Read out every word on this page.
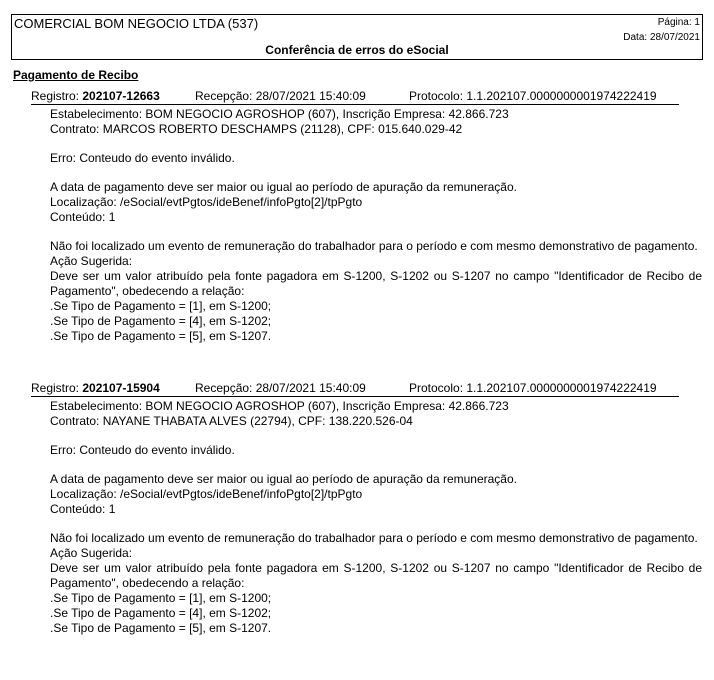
COMERCIAL BOM NEGOCIO LTDA (537)	Página: 1
Data: 28/07/2021
Conferência de erros do eSocial
Pagamento de Recibo
Registro: 202107-12663	Recepção: 28/07/2021 15:40:09	Protocolo: 1.1.202107.0000000001974222419

Estabelecimento: BOM NEGOCIO AGROSHOP (607), Inscrição Empresa: 42.866.723

Contrato: MARCOS ROBERTO DESCHAMPS (21128), CPF: 015.640.029-42

Erro: Conteudo do evento inválido.

A data de pagamento deve ser maior ou igual ao período de apuração da remuneração.

Localização: /eSocial/evtPgtos/ideBenef/infoPgto[2]/tpPgto

Conteúdo: 1

Não foi localizado um evento de remuneração do trabalhador para o período e com mesmo demonstrativo de pagamento.

Ação Sugerida:

Deve ser um valor atribuído pela fonte pagadora em S-1200, S-1202 ou S-1207 no campo "Identificador de Recibo de Pagamento", obedecendo a relação:

.Se Tipo de Pagamento = [1], em S-1200;

.Se Tipo de Pagamento = [4], em S-1202;

.Se Tipo de Pagamento = [5], em S-1207.

Registro: 202107-15904	Recepção: 28/07/2021 15:40:09	Protocolo: 1.1.202107.0000000001974222419

Estabelecimento: BOM NEGOCIO AGROSHOP (607), Inscrição Empresa: 42.866.723

Contrato: NAYANE THABATA ALVES (22794), CPF: 138.220.526-04

Erro: Conteudo do evento inválido.

A data de pagamento deve ser maior ou igual ao período de apuração da remuneração.

Localização: /eSocial/evtPgtos/ideBenef/infoPgto[2]/tpPgto

Conteúdo: 1

Não foi localizado um evento de remuneração do trabalhador para o período e com mesmo demonstrativo de pagamento.

Ação Sugerida:

Deve ser um valor atribuído pela fonte pagadora em S-1200, S-1202 ou S-1207 no campo "Identificador de Recibo de Pagamento", obedecendo a relação:

.Se Tipo de Pagamento = [1], em S-1200;

.Se Tipo de Pagamento = [4], em S-1202;

.Se Tipo de Pagamento = [5], em S-1207.
